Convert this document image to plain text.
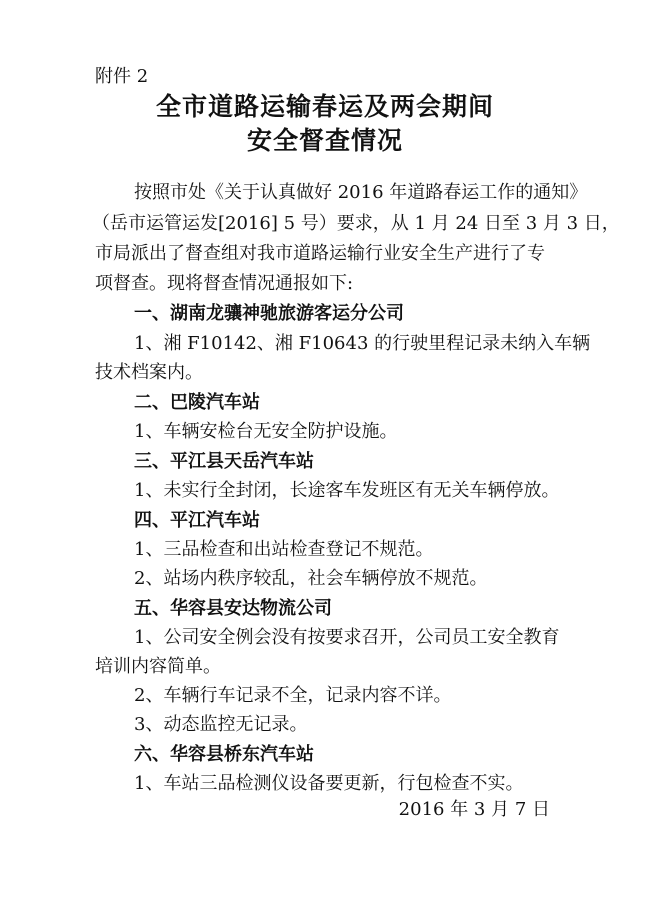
附件 2
全市道路运输春运及两会期间
安全督查情况
按照市处《关于认真做好 2016 年道路春运工作的通知》
（岳市运管运发[2016] 5 号）要求，从 1 月 24 日至 3 月 3 日，
市局派出了督查组对我市道路运输行业安全生产进行了专
项督查。现将督查情况通报如下:
一、湖南龙骧神驰旅游客运分公司
1、湘 F10142、湘 F10643 的行驶里程记录未纳入车辆
技术档案内。
二、巴陵汽车站
1、车辆安检台无安全防护设施。
三、平江县天岳汽车站
1、未实行全封闭，长途客车发班区有无关车辆停放。
四、平江汽车站
1、三品检查和出站检查登记不规范。
2、站场内秩序较乱，社会车辆停放不规范。
五、华容县安达物流公司
1、公司安全例会没有按要求召开，公司员工安全教育
培训内容简单。
2、车辆行车记录不全，记录内容不详。
3、动态监控无记录。
六、华容县桥东汽车站
1、车站三品检测仪设备要更新，行包检查不实。
2016 年 3 月 7 日
